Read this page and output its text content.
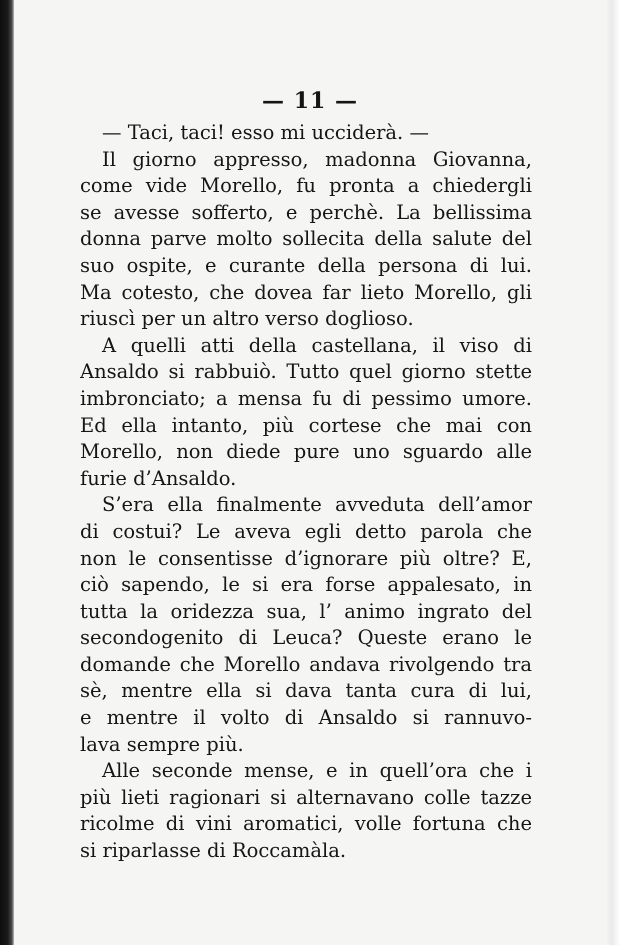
— 11 —
— Taci, taci! esso mi ucciderà. —
Il giorno appresso, madonna Giovanna,
come vide Morello, fu pronta a chiedergli
se avesse sofferto, e perchè. La bellissima
donna parve molto sollecita della salute del
suo ospite, e curante della persona di lui.
Ma cotesto, che dovea far lieto Morello, gli
riuscì per un altro verso doglioso.
A quelli atti della castellana, il viso di
Ansaldo si rabbuiò. Tutto quel giorno stette
imbronciato; a mensa fu di pessimo umore.
Ed ella intanto, più cortese che mai con
Morello, non diede pure uno sguardo alle
furie d’Ansaldo.
S’era ella finalmente avveduta dell’amor
di costui? Le aveva egli detto parola che
non le consentisse d’ignorare più oltre? E,
ciò sapendo, le si era forse appalesato, in
tutta la oridezza sua, l’ animo ingrato del
secondogenito di Leuca? Queste erano le
domande che Morello andava rivolgendo tra
sè, mentre ella si dava tanta cura di lui,
e mentre il volto di Ansaldo si rannuvo-
lava sempre più.
Alle seconde mense, e in quell’ora che i
più lieti ragionari si alternavano colle tazze
ricolme di vini aromatici, volle fortuna che
si riparlasse di Roccamàla.
